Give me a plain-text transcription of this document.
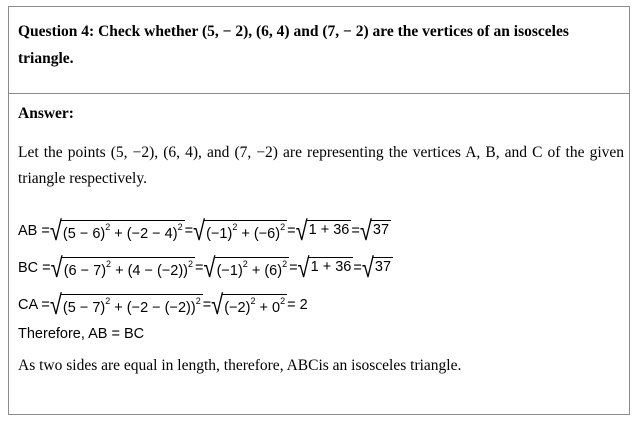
Question 4: Check whether (5, − 2), (6, 4) and (7, − 2) are the vertices of an isosceles triangle.
Answer:
Let the points (5, −2), (6, 4), and (7, −2) are representing the vertices A, B, and C of the given triangle respectively.
AB = √ $(5 - 6)^2 + (-2 - 4)^2$ = √ $(-1)^2 + (-6)^2$ = √ 1 + 36 = √ 37
BC = √ $(6 - 7)^2 + (4 - (-2))^2$ = √ $(-1)^2 + (6)^2$ = √ 1 + 36 = √ 37
CA = √ $(5 - 7)^2 + (-2 - (-2))^2$ = √ $(-2)^2 + 0^2 = 2$
Therefore, AB = BC
As two sides are equal in length, therefore, ABCis an isosceles triangle.
